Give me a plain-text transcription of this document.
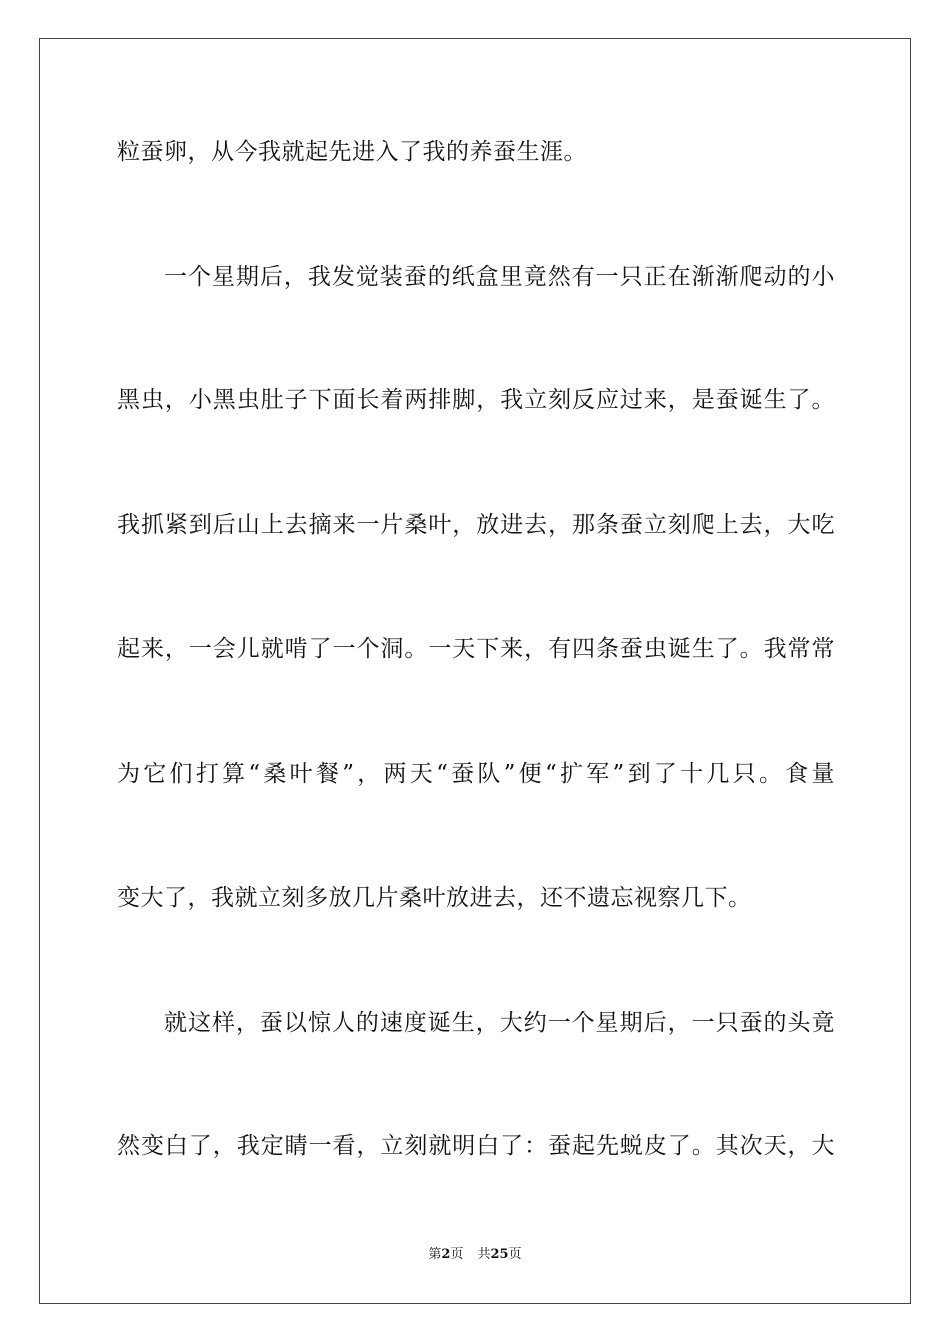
粒蚕卵，从今我就起先进入了我的养蚕生涯。
一个星期后，我发觉装蚕的纸盒里竟然有一只正在渐渐爬动的小
黑虫，小黑虫肚子下面长着两排脚，我立刻反应过来，是蚕诞生了。
我抓紧到后山上去摘来一片桑叶，放进去，那条蚕立刻爬上去，大吃
起来，一会儿就啃了一个洞。一天下来，有四条蚕虫诞生了。我常常
为它们打算“桑叶餐”，两天“蚕队”便“扩军”到了十几只。食量
变大了，我就立刻多放几片桑叶放进去，还不遗忘视察几下。
就这样，蚕以惊人的速度诞生，大约一个星期后，一只蚕的头竟
然变白了，我定睛一看，立刻就明白了：蚕起先蜕皮了。其次天，大
第2页 共25页
